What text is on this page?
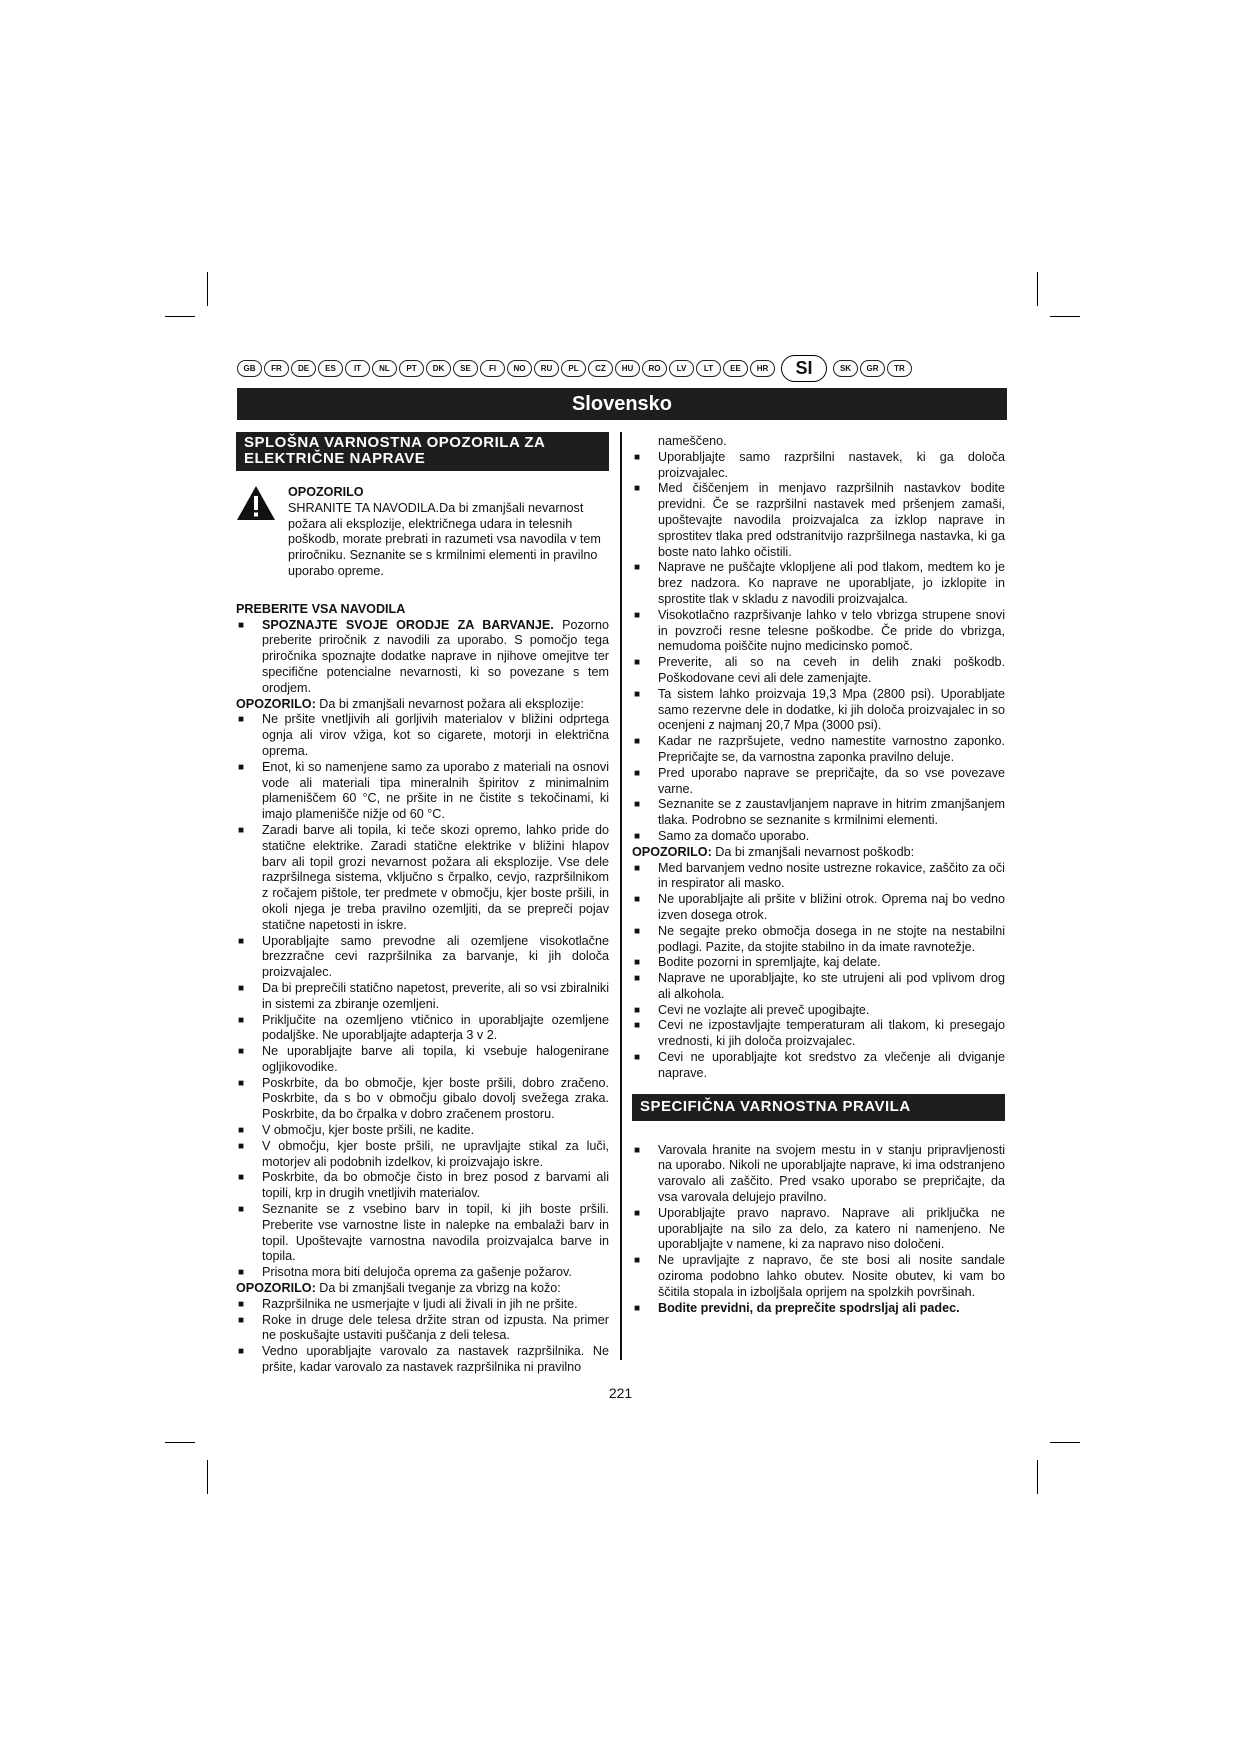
GB	FR	DE	ES	IT	NL	PT	DK	SE	FI	NO	RU	PL	CZ	HU	RO	LV	LT	EE	HR	SI	SK	GR	TR
Slovensko
SPLOŠNA VARNOSTNA OPOZORILA ZA ELEKTRIČNE NAPRAVE

OPOZORILO

SHRANITE TA NAVODILA.Da bi zmanjšali nevarnost požara ali eksplozije, električnega udara in telesnih poškodb, morate prebrati in razumeti vsa navodila v tem priročniku. Seznanite se s krmilnimi elementi in pravilno uporabo opreme.

PREBERITE VSA NAVODILA

■ SPOZNAJTE SVOJE ORODJE ZA BARVANJE. Pozorno preberite priročnik z navodili za uporabo. S pomočjo tega priročnika spoznajte dodatke naprave in njihove omejitve ter specifične potencialne nevarnosti, ki so povezane s tem orodjem.

OPOZORILO: Da bi zmanjšali nevarnost požara ali eksplozije:

■ Ne pršite vnetljivih ali gorljivih materialov v bližini odprtega ognja ali virov vžiga, kot so cigarete, motorji in električna oprema.

■ Enot, ki so namenjene samo za uporabo z materiali na osnovi vode ali materiali tipa mineralnih špiritov z minimalnim plameniščem 60 °C, ne pršite in ne čistite s tekočinami, ki imajo plamenišče nižje od 60 °C.

■ Zaradi barve ali topila, ki teče skozi opremo, lahko pride do statične elektrike. Zaradi statične elektrike v bližini hlapov barv ali topil grozi nevarnost požara ali eksplozije. Vse dele razpršilnega sistema, vključno s črpalko, cevjo, razpršilnikom z ročajem pištole, ter predmete v območju, kjer boste pršili, in okoli njega je treba pravilno ozemljiti, da se prepreči pojav statične napetosti in iskre.

■ Uporabljajte samo prevodne ali ozemljene visokotlačne brezzračne cevi razpršilnika za barvanje, ki jih določa proizvajalec.

■ Da bi preprečili statično napetost, preverite, ali so vsi zbiralniki in sistemi za zbiranje ozemljeni.

■ Priključite na ozemljeno vtičnico in uporabljajte ozemljene podaljške. Ne uporabljajte adapterja 3 v 2.

■ Ne uporabljajte barve ali topila, ki vsebuje halogenirane ogljikovodike.

■ Poskrbite, da bo območje, kjer boste pršili, dobro zračeno. Poskrbite, da s bo v območju gibalo dovolj svežega zraka. Poskrbite, da bo črpalka v dobro zračenem prostoru.

■ V območju, kjer boste pršili, ne kadite.

■ V območju, kjer boste pršili, ne upravljajte stikal za luči, motorjev ali podobnih izdelkov, ki proizvajajo iskre.

■ Poskrbite, da bo območje čisto in brez posod z barvami ali topili, krp in drugih vnetljivih materialov.

■ Seznanite se z vsebino barv in topil, ki jih boste pršili. Preberite vse varnostne liste in nalepke na embalaži barv in topil. Upoštevajte varnostna navodila proizvajalca barve in topila.

■ Prisotna mora biti delujoča oprema za gašenje požarov.

OPOZORILO: Da bi zmanjšali tveganje za vbrizg na kožo:

■ Razpršilnika ne usmerjajte v ljudi ali živali in jih ne pršite.

■ Roke in druge dele telesa držite stran od izpusta. Na primer ne poskušajte ustaviti puščanja z deli telesa.

■ Vedno uporabljajte varovalo za nastavek razpršilnika. Ne pršite, kadar varovalo za nastavek razpršilnika ni pravilno

nameščeno.

■ Uporabljajte samo razpršilni nastavek, ki ga določa proizvajalec.

■ Med čiščenjem in menjavo razpršilnih nastavkov bodite previdni. Če se razpršilni nastavek med pršenjem zamaši, upoštevajte navodila proizvajalca za izklop naprave in sprostitev tlaka pred odstranitvijo razpršilnega nastavka, ki ga boste nato lahko očistili.

■ Naprave ne puščajte vklopljene ali pod tlakom, medtem ko je brez nadzora. Ko naprave ne uporabljate, jo izklopite in sprostite tlak v skladu z navodili proizvajalca.

■ Visokotlačno razpršivanje lahko v telo vbrizga strupene snovi in povzroči resne telesne poškodbe. Če pride do vbrizga, nemudoma poiščite nujno medicinsko pomoč.

■ Preverite, ali so na ceveh in delih znaki poškodb. Poškodovane cevi ali dele zamenjajte.

■ Ta sistem lahko proizvaja 19,3 Mpa (2800 psi). Uporabljate samo rezervne dele in dodatke, ki jih določa proizvajalec in so ocenjeni z najmanj 20,7 Mpa (3000 psi).

■ Kadar ne razpršujete, vedno namestite varnostno zaponko. Prepričajte se, da varnostna zaponka pravilno deluje.

■ Pred uporabo naprave se prepričajte, da so vse povezave varne.

■ Seznanite se z zaustavljanjem naprave in hitrim zmanjšanjem tlaka. Podrobno se seznanite s krmilnimi elementi.

■ Samo za domačo uporabo.

OPOZORILO: Da bi zmanjšali nevarnost poškodb:

■ Med barvanjem vedno nosite ustrezne rokavice, zaščito za oči in respirator ali masko.

■ Ne uporabljajte ali pršite v bližini otrok. Oprema naj bo vedno izven dosega otrok.

■ Ne segajte preko območja dosega in ne stojte na nestabilni podlagi. Pazite, da stojite stabilno in da imate ravnotežje.

■ Bodite pozorni in spremljajte, kaj delate.

■ Naprave ne uporabljajte, ko ste utrujeni ali pod vplivom drog ali alkohola.

■ Cevi ne vozlajte ali preveč upogibajte.

■ Cevi ne izpostavljajte temperaturam ali tlakom, ki presegajo vrednosti, ki jih določa proizvajalec.

■ Cevi ne uporabljajte kot sredstvo za vlečenje ali dviganje naprave.

SPECIFIČNA VARNOSTNA PRAVILA

■ Varovala hranite na svojem mestu in v stanju pripravljenosti na uporabo. Nikoli ne uporabljajte naprave, ki ima odstranjeno varovalo ali zaščito. Pred vsako uporabo se prepričajte, da vsa varovala delujejo pravilno.

■ Uporabljajte pravo napravo. Naprave ali priključka ne uporabljajte na silo za delo, za katero ni namenjeno. Ne uporabljajte v namene, ki za napravo niso določeni.

■ Ne upravljajte z napravo, če ste bosi ali nosite sandale oziroma podobno lahko obutev. Nosite obutev, ki vam bo ščitila stopala in izboljšala oprijem na spolzkih površinah.

■ Bodite previdni, da preprečite spodrsljaj ali padec.

221
